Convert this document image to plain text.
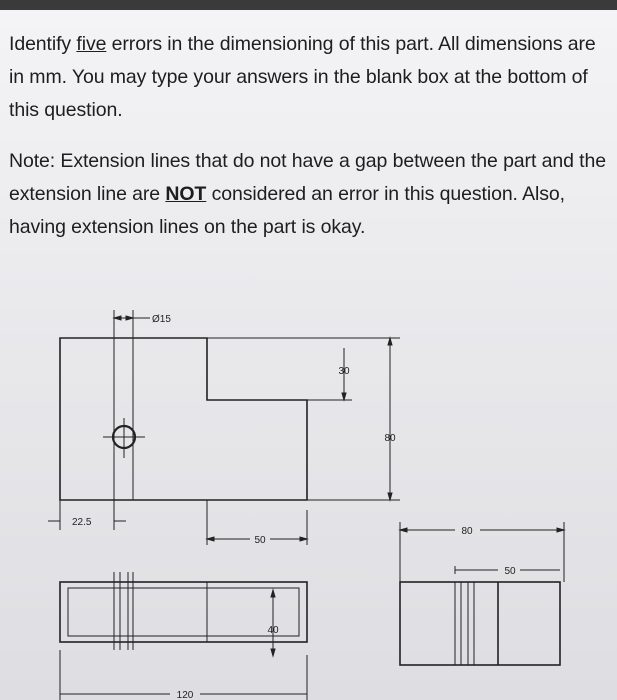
Identify five errors in the dimensioning of this part. All dimensions are in mm. You may type your answers in the blank box at the bottom of this question.

Note: Extension lines that do not have a gap between the part and the extension line are NOT considered an error in this question. Also, having extension lines on the part is okay.

Ø15
30
80
22.5
50
40
120
80
50
